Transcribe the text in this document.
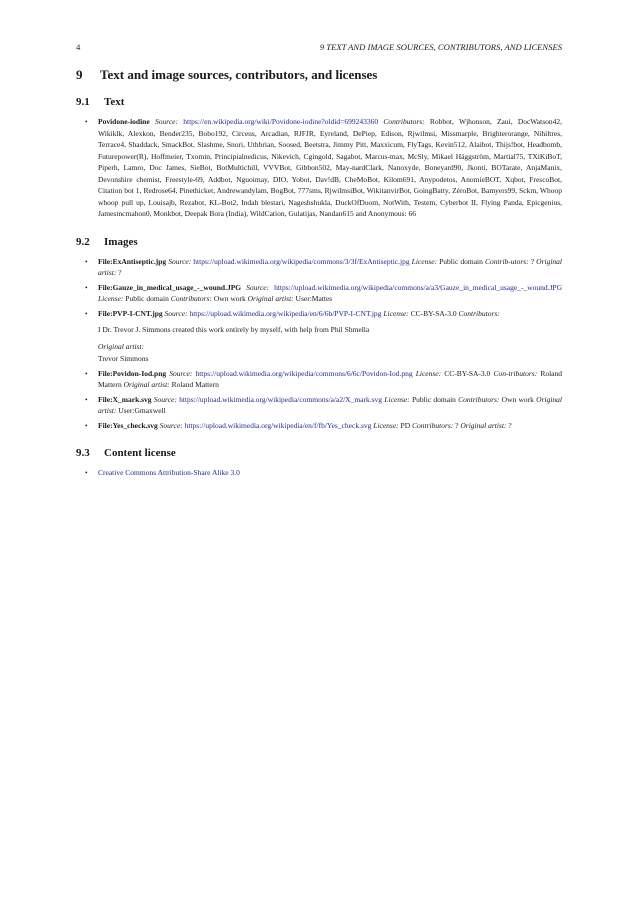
4	9 TEXT AND IMAGE SOURCES, CONTRIBUTORS, AND LICENSES
9 Text and image sources, contributors, and licenses
9.1 Text
• Povidone-iodine Source: https://en.wikipedia.org/wiki/Povidone-iodine?oldid=699243360 Contributors: Robbot, Wjhonson, Zaui, DocWatson42, Wikiklk, Alexkon, Bender235, Bobo192, Circeus, Arcadian, RJFJR, Eyreland, DePiep, Edison, Rjwilmsi, Missmarple, Brighterorange, Nihiltres, Terrace4, Shaddack, SmackBot, Slashme, Snori, Uthbrian, Soosed, Beetstra, Jimmy Pitt, Maxxicum, FlyTags, Kevin512, Alaibot, Thijs!bot, Headbomb, Futurepower(R), Hoffmeier, Txomin, Principialnedicus, Nikevich, Cgingold, Sagabot, Marcus-max, McSly, Mikael Häggström, Martial75, TXiKiBoT, Piperh, Lamro, Doc James, SieBot, BotMultichill, VVVBot, Gibbon502, May-nardClark, Nanoxyde, Boneyard90, Jkonti, BOTarate, AnjaManix, Devonshire chemist, Freestyle-69, Addbot, Nguoimay, DIO, Yobot, Dav!dB, CheMoBot, Kilom691, Anypodetos, AnomieBOT, Xqbot, FrescoBot, Citation bot 1, Redrose64, Pinethicket, Andrewandylam, BogBot, 777sms, RjwilmsiBot, WikitanvirBot, GoingBatty, ZéroBot, Bamyers99, Sckm, Whoop whoop pull up, Louisajb, Rezabot, KL-Bot2, Indah blestari, Nageshshukla, DuckOfDoom, NotWith, Testem, Cyberbot II, Flying Panda, Epicgenius, Jamesmcmahon0, Monkbot, Deepak Bora (India), WildCation, Gulatijas, Nandan615 and Anonymous: 66
9.2 Images
• File:ExAntiseptic.jpg Source: https://upload.wikimedia.org/wikipedia/commons/3/3f/ExAntiseptic.jpg License: Public domain Contrib-utors: ? Original artist: ?
• File:Gauze_in_medical_usage_-_wound.JPG Source: https://upload.wikimedia.org/wikipedia/commons/a/a3/Gauze_in_medical_usage_-_wound.JPG License: Public domain Contributors: Own work Original artist: User:Mattes
• File:PVP-I-CNT.jpg Source: https://upload.wikimedia.org/wikipedia/en/6/6b/PVP-I-CNT.jpg License: CC-BY-SA-3.0 Contributors:
I Dr. Trevor J. Simmons created this work entirely by myself, with help from Phil Shmella
Original artist:
Trevor Simmons
• File:Povidon-Iod.png Source: https://upload.wikimedia.org/wikipedia/commons/6/6c/Povidon-Iod.png License: CC-BY-SA-3.0 Con-tributors: Roland Mattern Original artist: Roland Mattern
• File:X_mark.svg Source: https://upload.wikimedia.org/wikipedia/commons/a/a2/X_mark.svg License: Public domain Contributors: Own work Original artist: User:Gmaxwell
• File:Yes_check.svg Source: https://upload.wikimedia.org/wikipedia/en/f/fb/Yes_check.svg License: PD Contributors: ? Original artist: ?
9.3 Content license
• Creative Commons Attribution-Share Alike 3.0
